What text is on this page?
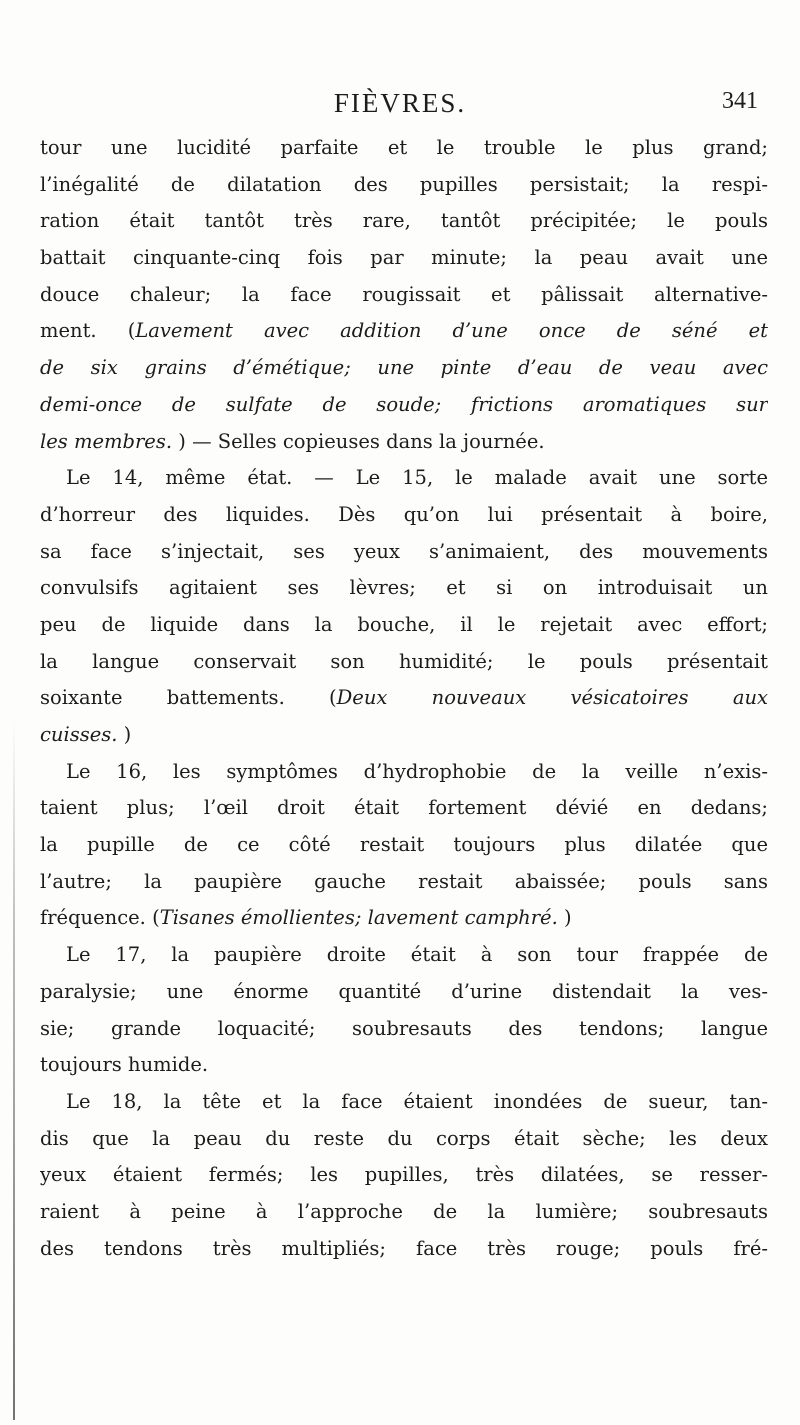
FIÈVRES.	341
tour une lucidité parfaite et le trouble le plus grand;
l’inégalité de dilatation des pupilles persistait; la respi-
ration était tantôt très rare, tantôt précipitée; le pouls
battait cinquante-cinq fois par minute; la peau avait une
douce chaleur; la face rougissait et pâlissait alternative-
ment. (Lavement avec addition d’une once de séné et
de six grains d’émétique; une pinte d’eau de veau avec
demi-once de sulfate de soude; frictions aromatiques sur
les membres. ) — Selles copieuses dans la journée.
Le 14, même état. — Le 15, le malade avait une sorte
d’horreur des liquides. Dès qu’on lui présentait à boire,
sa face s’injectait, ses yeux s’animaient, des mouvements
convulsifs agitaient ses lèvres; et si on introduisait un
peu de liquide dans la bouche, il le rejetait avec effort;
la langue conservait son humidité; le pouls présentait
soixante battements. (Deux nouveaux vésicatoires aux
cuisses. )
Le 16, les symptômes d’hydrophobie de la veille n’exis-
taient plus; l’œil droit était fortement dévié en dedans;
la pupille de ce côté restait toujours plus dilatée que
l’autre; la paupière gauche restait abaissée; pouls sans
fréquence. (Tisanes émollientes; lavement camphré. )
Le 17, la paupière droite était à son tour frappée de
paralysie; une énorme quantité d’urine distendait la ves-
sie; grande loquacité; soubresauts des tendons; langue
toujours humide.
Le 18, la tête et la face étaient inondées de sueur, tan-
dis que la peau du reste du corps était sèche; les deux
yeux étaient fermés; les pupilles, très dilatées, se resser-
raient à peine à l’approche de la lumière; soubresauts
des tendons très multipliés; face très rouge; pouls fré-
